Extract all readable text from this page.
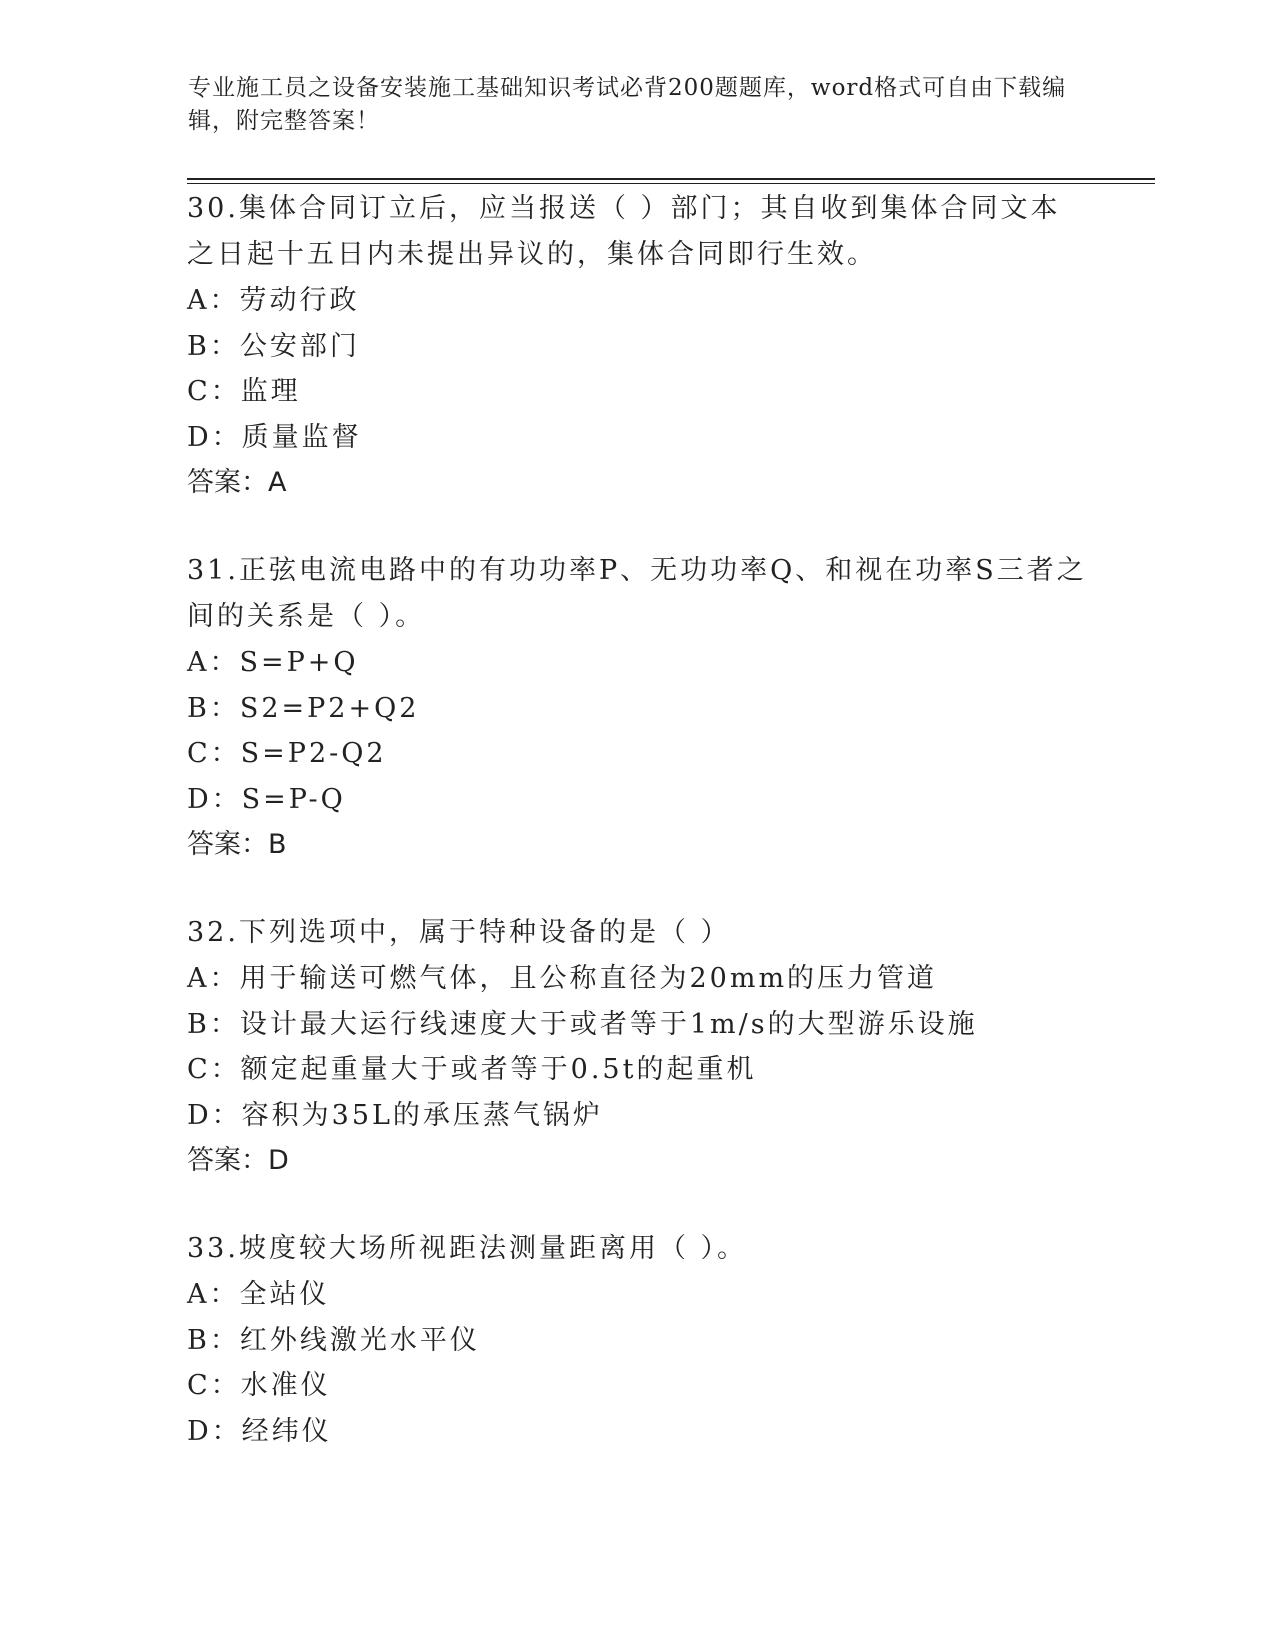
专业施工员之设备安装施工基础知识考试必背200题题库，word格式可自由下载编辑，附完整答案！
30.集体合同订立后，应当报送（ ）部门；其自收到集体合同文本之日起十五日内未提出异议的，集体合同即行生效。
A：劳动行政
B：公安部门
C：监理
D：质量监督
答案：A
31.正弦电流电路中的有功功率P、无功功率Q、和视在功率S三者之间的关系是（ ）。
A：S=P+Q
B：S2=P2+Q2
C：S=P2-Q2
D：S=P-Q
答案：B
32.下列选项中，属于特种设备的是（ ）
A：用于输送可燃气体，且公称直径为20mm的压力管道
B：设计最大运行线速度大于或者等于1m/s的大型游乐设施
C：额定起重量大于或者等于0.5t的起重机
D：容积为35L的承压蒸气锅炉
答案：D
33.坡度较大场所视距法测量距离用（ ）。
A：全站仪
B：红外线激光水平仪
C：水准仪
D：经纬仪
